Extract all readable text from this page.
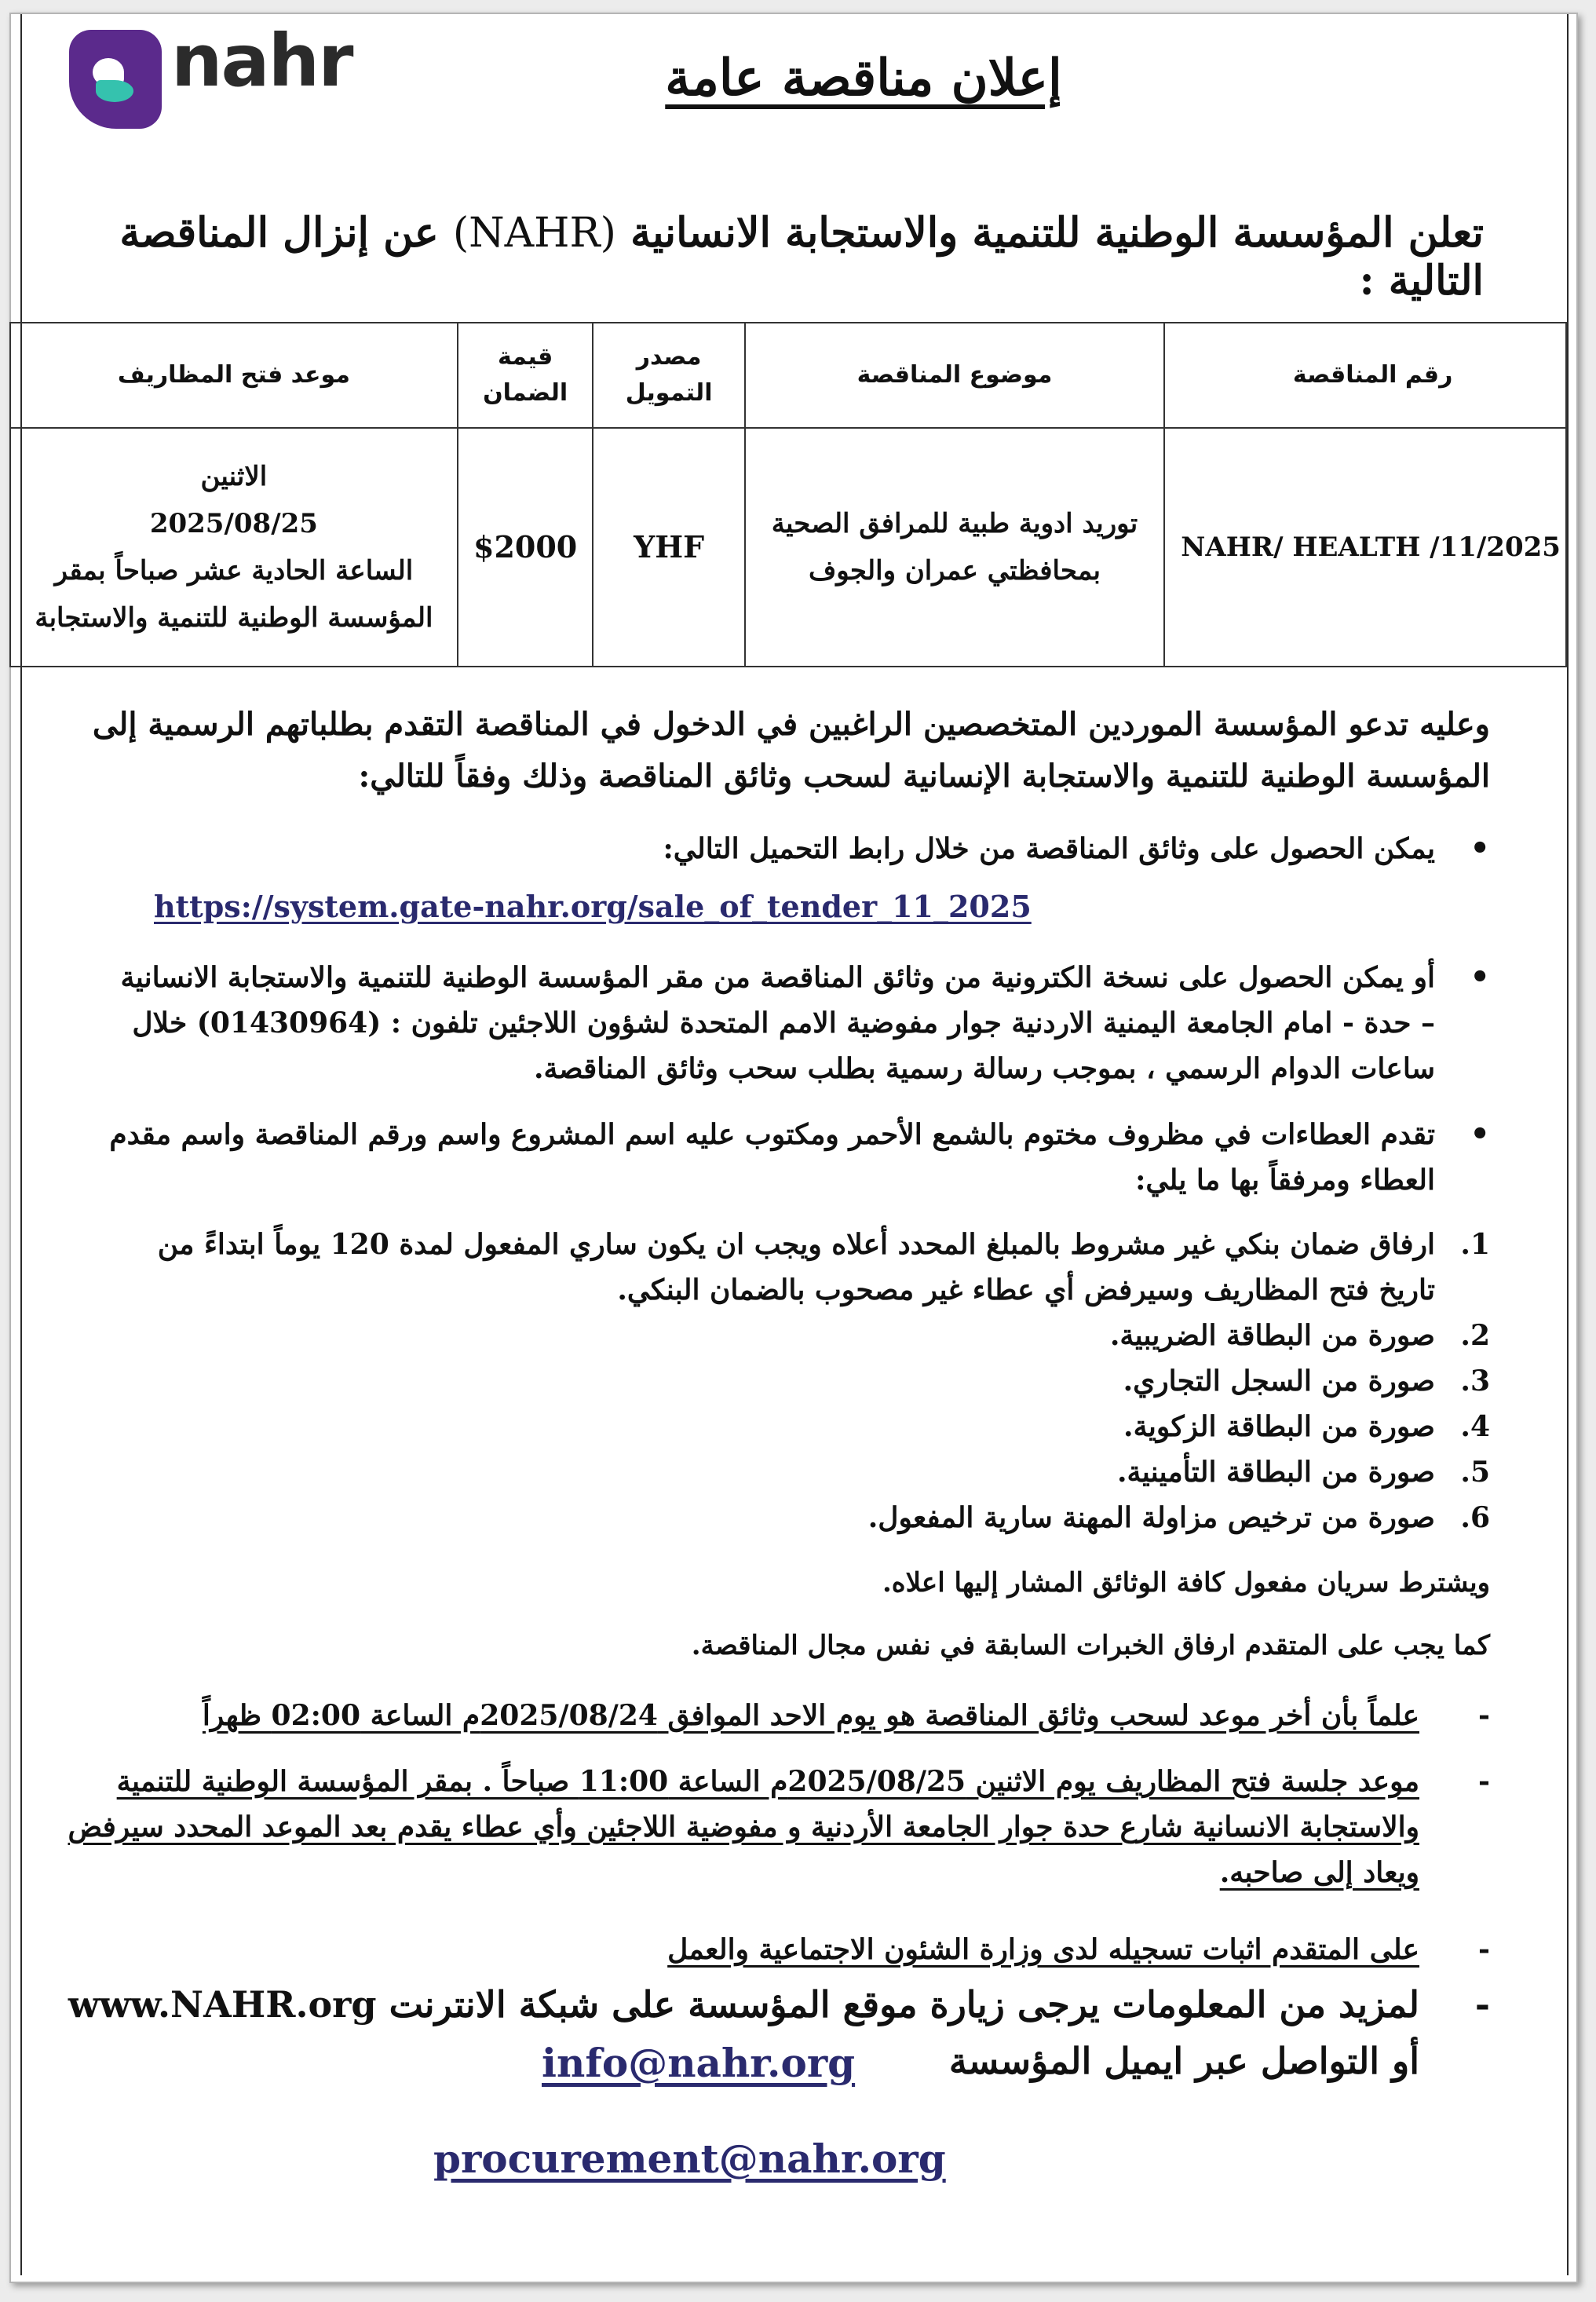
nahr	إعلان مناقصة عامة
تعلن المؤسسة الوطنية للتنمية والاستجابة الانسانية (NAHR) عن إنزال المناقصة التالية :
رقم المناقصة	موضوع المناقصة	مصدر التمويل	قيمة الضمان	موعد فتح المظاريف
NAHR/ HEALTH /11/2025	توريد ادوية طبية للمرافق الصحية بمحافظتي عمران والجوف	YHF	$2000	الاثنين
2025/08/25
الساعة الحادية عشر صباحاً بمقر المؤسسة الوطنية للتنمية والاستجابة
وعليه تدعو المؤسسة الموردين المتخصصين الراغبين في الدخول في المناقصة التقدم بطلباتهم الرسمية إلى المؤسسة الوطنية للتنمية والاستجابة الإنسانية لسحب وثائق المناقصة وذلك وفقاً للتالي:
• يمكن الحصول على وثائق المناقصة من خلال رابط التحميل التالي:
https://system.gate-nahr.org/sale_of_tender_11_2025
• أو يمكن الحصول على نسخة الكترونية من وثائق المناقصة من مقر المؤسسة الوطنية للتنمية والاستجابة الانسانية – حدة - امام الجامعة اليمنية الاردنية جوار مفوضية الامم المتحدة لشؤون اللاجئين تلفون : (01430964) خلال ساعات الدوام الرسمي ، بموجب رسالة رسمية بطلب سحب وثائق المناقصة.
• تقدم العطاءات في مظروف مختوم بالشمع الأحمر ومكتوب عليه اسم المشروع واسم ورقم المناقصة واسم مقدم العطاء ومرفقاً بها ما يلي:
1.
ارفاق ضمان بنكي غير مشروط بالمبلغ المحدد أعلاه ويجب ان يكون ساري المفعول لمدة 120 يوماً ابتداءً من تاريخ فتح المظاريف وسيرفض أي عطاء غير مصحوب بالضمان البنكي.
2.
صورة من البطاقة الضريبية.
3.
صورة من السجل التجاري.
4.
صورة من البطاقة الزكوية.
5.
صورة من البطاقة التأمينية.
6.
صورة من ترخيص مزاولة المهنة سارية المفعول.
ويشترط سريان مفعول كافة الوثائق المشار إليها اعلاه.
كما يجب على المتقدم ارفاق الخبرات السابقة في نفس مجال المناقصة.
-
علماً بأن أخر موعد لسحب وثائق المناقصة هو يوم الاحد الموافق 2025/08/24م الساعة 02:00 ظهراً
-
موعد جلسة فتح المظاريف يوم الاثنين 2025/08/25م الساعة 11:00 صباحاً . بمقر المؤسسة الوطنية للتنمية والاستجابة الانسانية شارع حدة جوار الجامعة الأردنية و مفوضية اللاجئين وأي عطاء يقدم بعد الموعد المحدد سيرفض ويعاد إلى صاحبه.
-
على المتقدم اثبات تسجيله لدى وزارة الشئون الاجتماعية والعمل
-
لمزيد من المعلومات يرجى زيارة موقع المؤسسة على شبكة الانترنت www.NAHR.org
أو التواصل عبر ايميل المؤسسة
info@nahr.org
procurement@nahr.org
